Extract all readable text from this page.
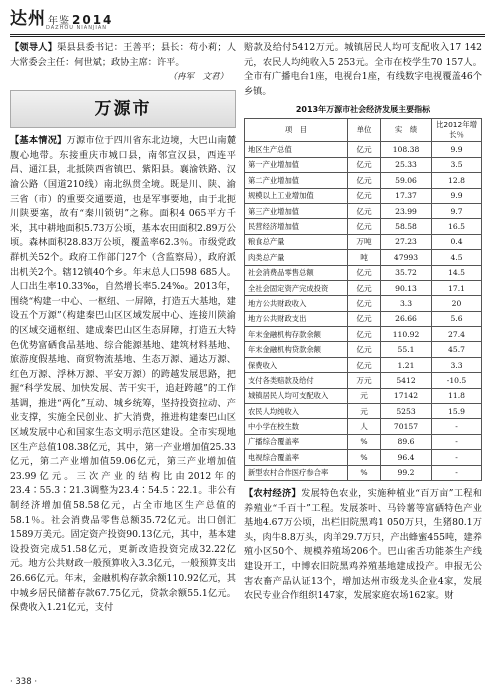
达州 年鉴 2014
DAZHOU NIANJIAN

【领导人】渠县县委书记：王善平；县长：苟小莉；人大常委会主任：何世斌；政协主席：许平。

（冉军　文君）
万源市

【基本情况】万源市位于四川省东北边境，大巴山南麓腹心地带。东接重庆市城口县，南邻宣汉县，西连平昌、通江县，北抵陕西省镇巴、紫阳县。襄渝铁路、汉渝公路（国道210线）南北纵贯全境。既是川、陕、渝三省（市）的重要交通要道，也是军事要地，由于北扼川陕要塞，故有“秦川锁钥”之称。面积4 065平方千米，其中耕地面积5.73万公顷，基本农田面积2.89万公顷。森林面积28.83万公顷，覆盖率62.3％。市级党政群机关52个。政府工作部门27个（含监察局），政府派出机关2个。辖12镇40个乡。年末总人口598 685人。人口出生率10.33‰，自然增长率5.24‰。2013年，围绕“构建一中心、一枢纽、一屏障，打造五大基地，建设五个万源”（构建秦巴山区区域发展中心、连接川陕渝的区域交通枢纽、建成秦巴山区生态屏障，打造五大特色优势富硒食品基地、综合能源基地、建筑材料基地、旅游度假基地、商贸物流基地、生态万源、通达万源、红色万源、浮林万源、平安万源）的跨越发展思路，把握“科学发展、加快发展、苦干实干，追赶跨越”的工作基调，推进“两化”互动、城乡统筹，坚持投资拉动、产业支撑，实施全民创业、扩大消费，推进构建秦巴山区区域发展中心和国家生态文明示范区建设。全市实现地区生产总值108.38亿元，其中，第一产业增加值25.33亿元，第二产业增加值59.06亿元，第三产业增加值23.99亿元。三次产业的结构比由2012年的23.4∶55.3∶21.3调整为23.4∶54.5∶22.1。非公有制经济增加值58.58亿元，占全市地区生产总值的58.1％。社会消费品零售总额35.72亿元。出口创汇1589万美元。固定资产投资90.13亿元，其中，基本建设投资完成51.58亿元，更新改造投资完成32.22亿元。地方公共财政一般预算收入3.3亿元，一般预算支出26.66亿元。年末，金融机构存款余额110.92亿元，其中城乡居民储蓄存款67.75亿元，贷款余额55.1亿元。保费收入1.21亿元，支付

赔款及给付5412万元。城镇居民人均可支配收入17 142元，农民人均纯收入5 253元。全市在校学生70 157人。全市有广播电台1座，电视台1座，有线数字电视覆盖46个乡镇。

2013年万源市社会经济发展主要指标
项　目	单位	实　绩	比2012年增长％
地区生产总值	亿元	108.38	9.9
第一产业增加值	亿元	25.33	3.5
第二产业增加值	亿元	59.06	12.8
规模以上工业增加值	亿元	17.37	9.9
第三产业增加值	亿元	23.99	9.7
民营经济增加值	亿元	58.58	16.5
粮食总产量	万吨	27.23	0.4
肉类总产量	吨	47993	4.5
社会消费品零售总额	亿元	35.72	14.5
全社会固定资产完成投资	亿元	90.13	17.1
地方公共财政收入	亿元	3.3	20
地方公共财政支出	亿元	26.66	5.6
年末金融机构存款余额	亿元	110.92	27.4
年末金融机构贷款余额	亿元	55.1	45.7
保费收入	亿元	1.21	3.3
支付各类赔款及给付	万元	5412	-10.5
城镇居民人均可支配收入	元	17142	11.8
农民人均纯收入	元	5253	15.9
中小学在校生数	人	70157	-
广播综合覆盖率	%	89.6	-
电视综合覆盖率	%	96.4	-
新型农村合作医疗参合率	%	99.2	-

【农村经济】发展特色农业，实施种植业“百万亩”工程和养殖业“千百十”工程。发展茶叶、马铃薯等富硒特色产业基地4.67万公顷，出栏旧院黑鸡1 050万只，生猪80.1万头，肉牛8.8万头，肉羊29.7万只，产出蜂蜜455吨，建养殖小区50个、规模养殖场206个。巴山雀舌功能茶生产线建设开工，中博农旧院黑鸡养殖基地建成投产。申报无公害农畜产品认证13个，增加达州市级龙头企业4家，发展农民专业合作组织147家，发展家庭农场162家。财

· 338 ·
